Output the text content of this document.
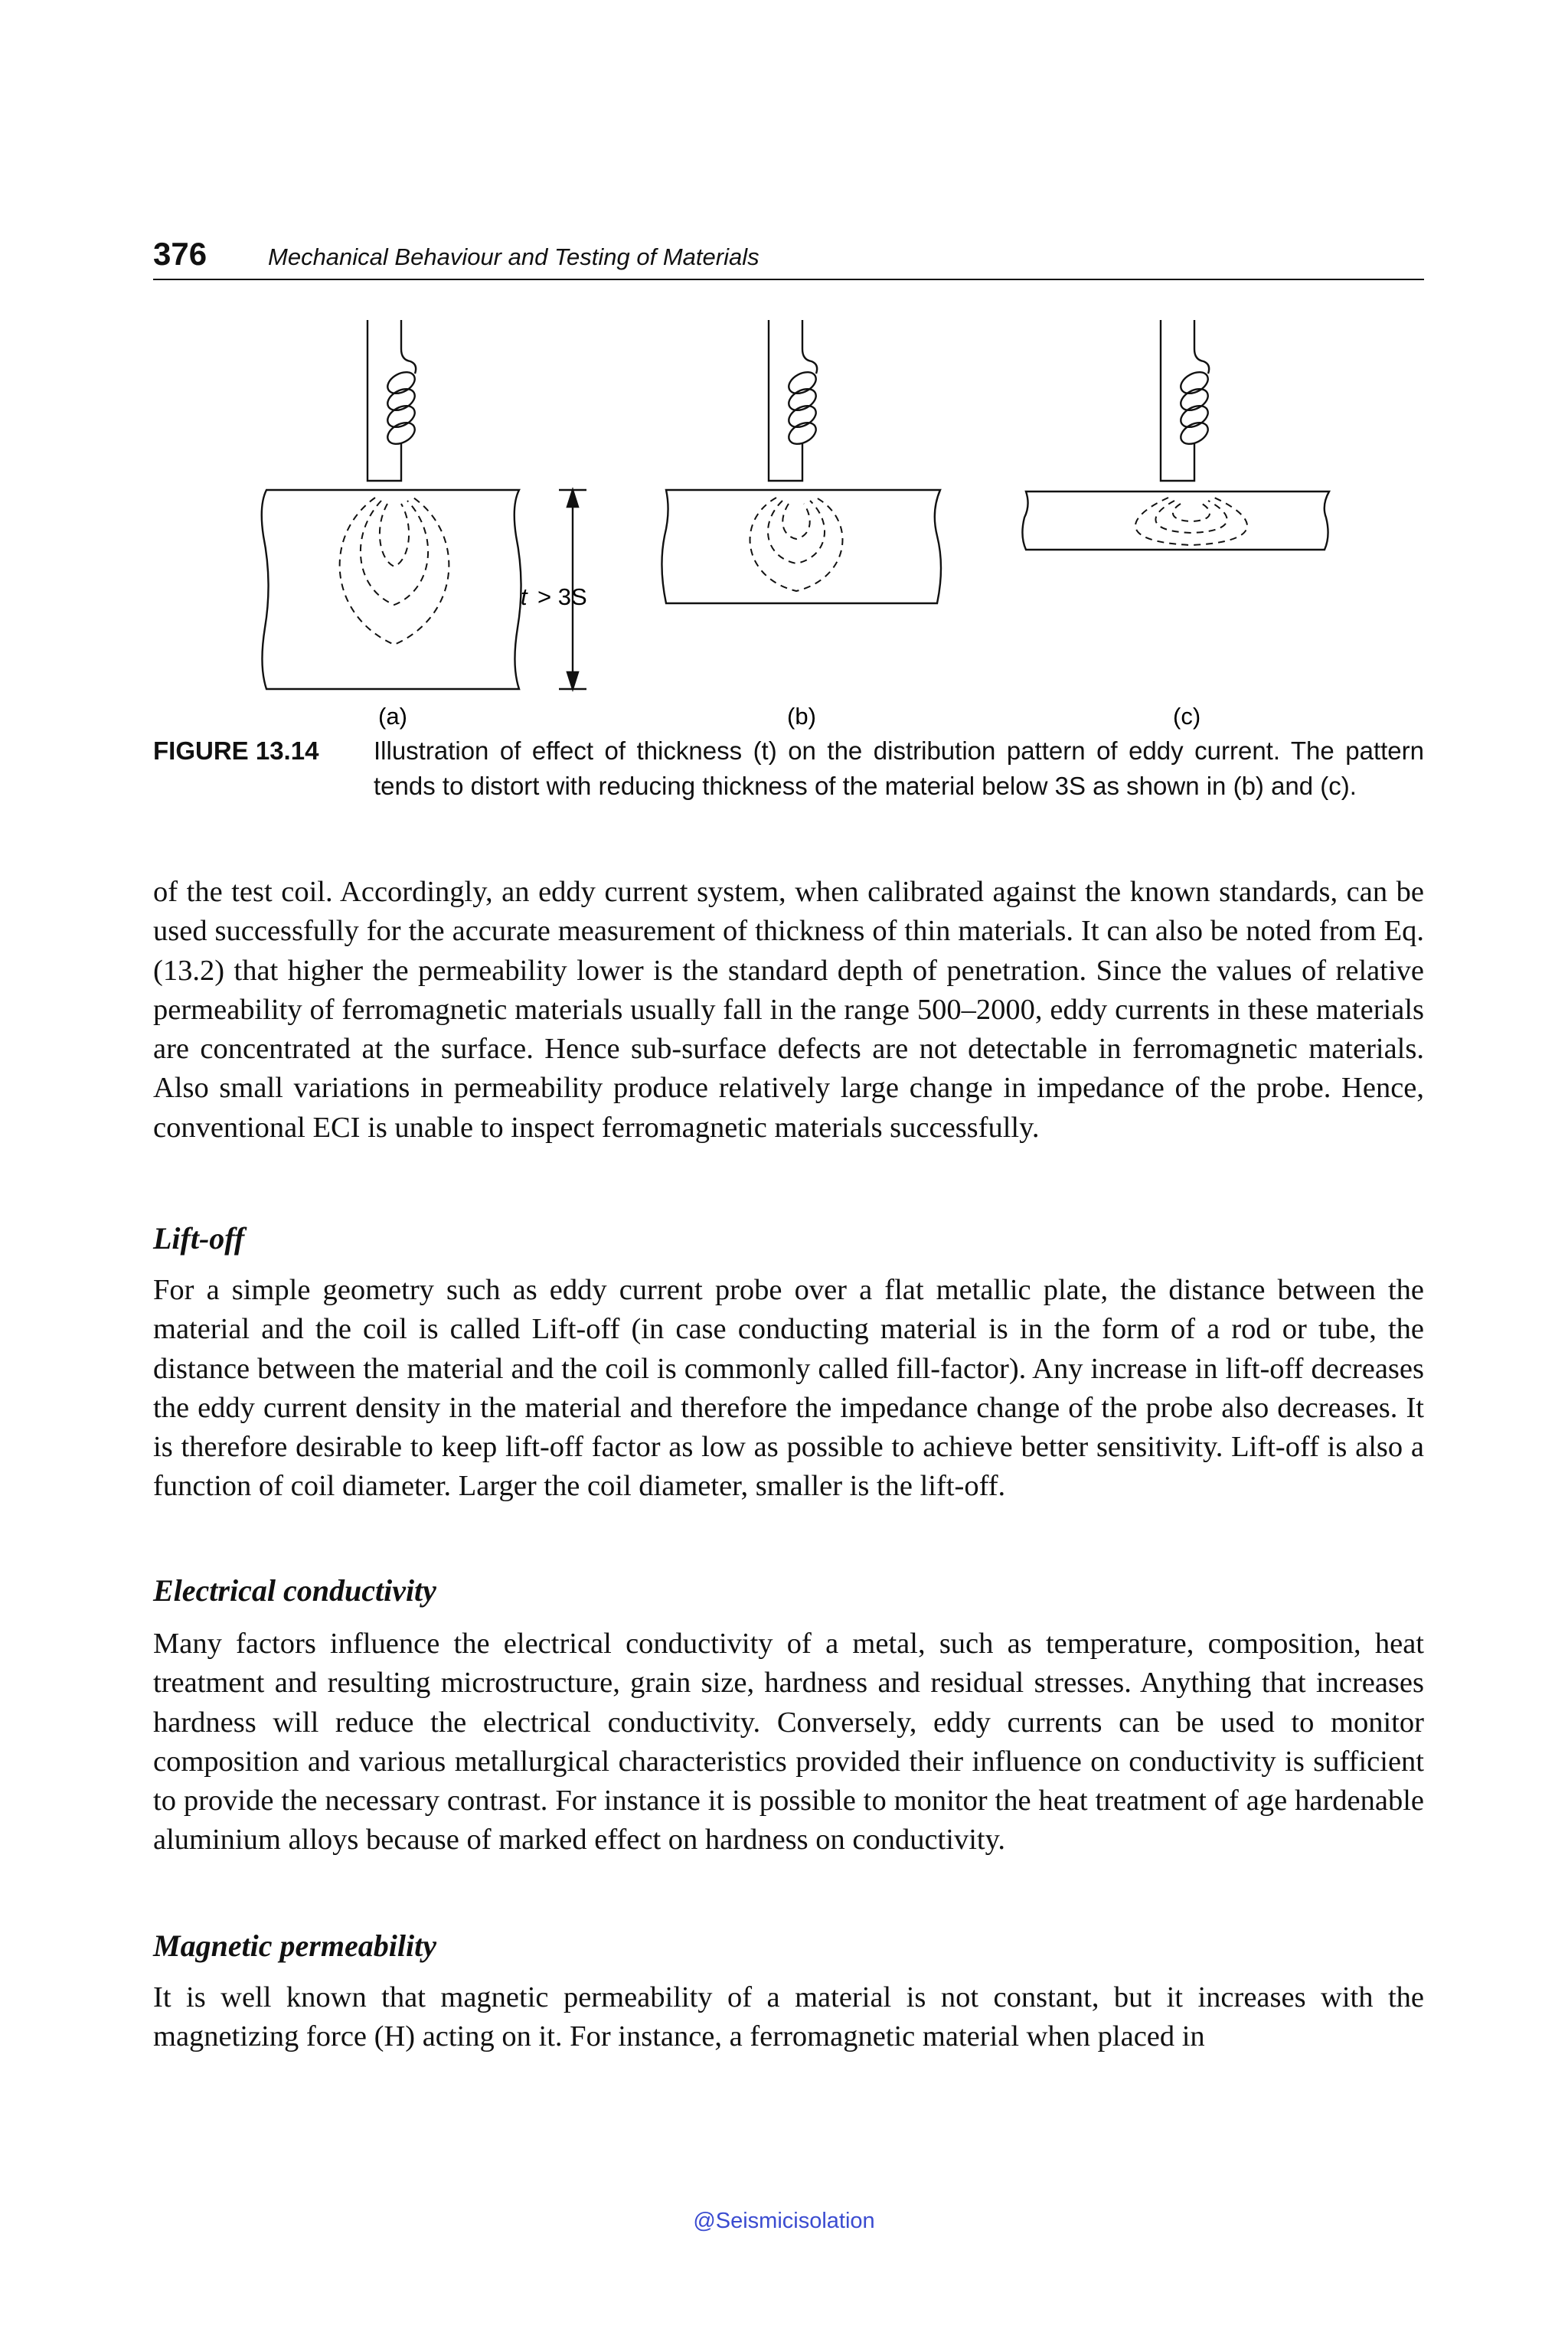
376	Mechanical Behaviour and Testing of Materials
t > 3S
(a)	(b)	(c)
FIGURE 13.14 Illustration of effect of thickness (t) on the distribution pattern of eddy current. The pattern tends to distort with reducing thickness of the material below 3S as shown in (b) and (c).
of the test coil. Accordingly, an eddy current system, when calibrated against the known standards, can be used successfully for the accurate measurement of thickness of thin materials. It can also be noted from Eq. (13.2) that higher the permeability lower is the standard depth of penetration. Since the values of relative permeability of ferromagnetic materials usually fall in the range 500–2000, eddy currents in these materials are concentrated at the surface. Hence sub-surface defects are not detectable in ferromagnetic materials. Also small variations in permeability produce relatively large change in impedance of the probe. Hence, conventional ECI is unable to inspect ferromagnetic materials successfully.
Lift-off
For a simple geometry such as eddy current probe over a flat metallic plate, the distance between the material and the coil is called Lift-off (in case conducting material is in the form of a rod or tube, the distance between the material and the coil is commonly called fill-factor). Any increase in lift-off decreases the eddy current density in the material and therefore the impedance change of the probe also decreases. It is therefore desirable to keep lift-off factor as low as possible to achieve better sensitivity. Lift-off is also a function of coil diameter. Larger the coil diameter, smaller is the lift-off.
Electrical conductivity
Many factors influence the electrical conductivity of a metal, such as temperature, composition, heat treatment and resulting microstructure, grain size, hardness and residual stresses. Anything that increases hardness will reduce the electrical conductivity. Conversely, eddy currents can be used to monitor composition and various metallurgical characteristics provided their influence on conductivity is sufficient to provide the necessary contrast. For instance it is possible to monitor the heat treatment of age hardenable aluminium alloys because of marked effect on hardness on conductivity.
Magnetic permeability
It is well known that magnetic permeability of a material is not constant, but it increases with the magnetizing force (H) acting on it. For instance, a ferromagnetic material when placed in
@Seismicisolation
